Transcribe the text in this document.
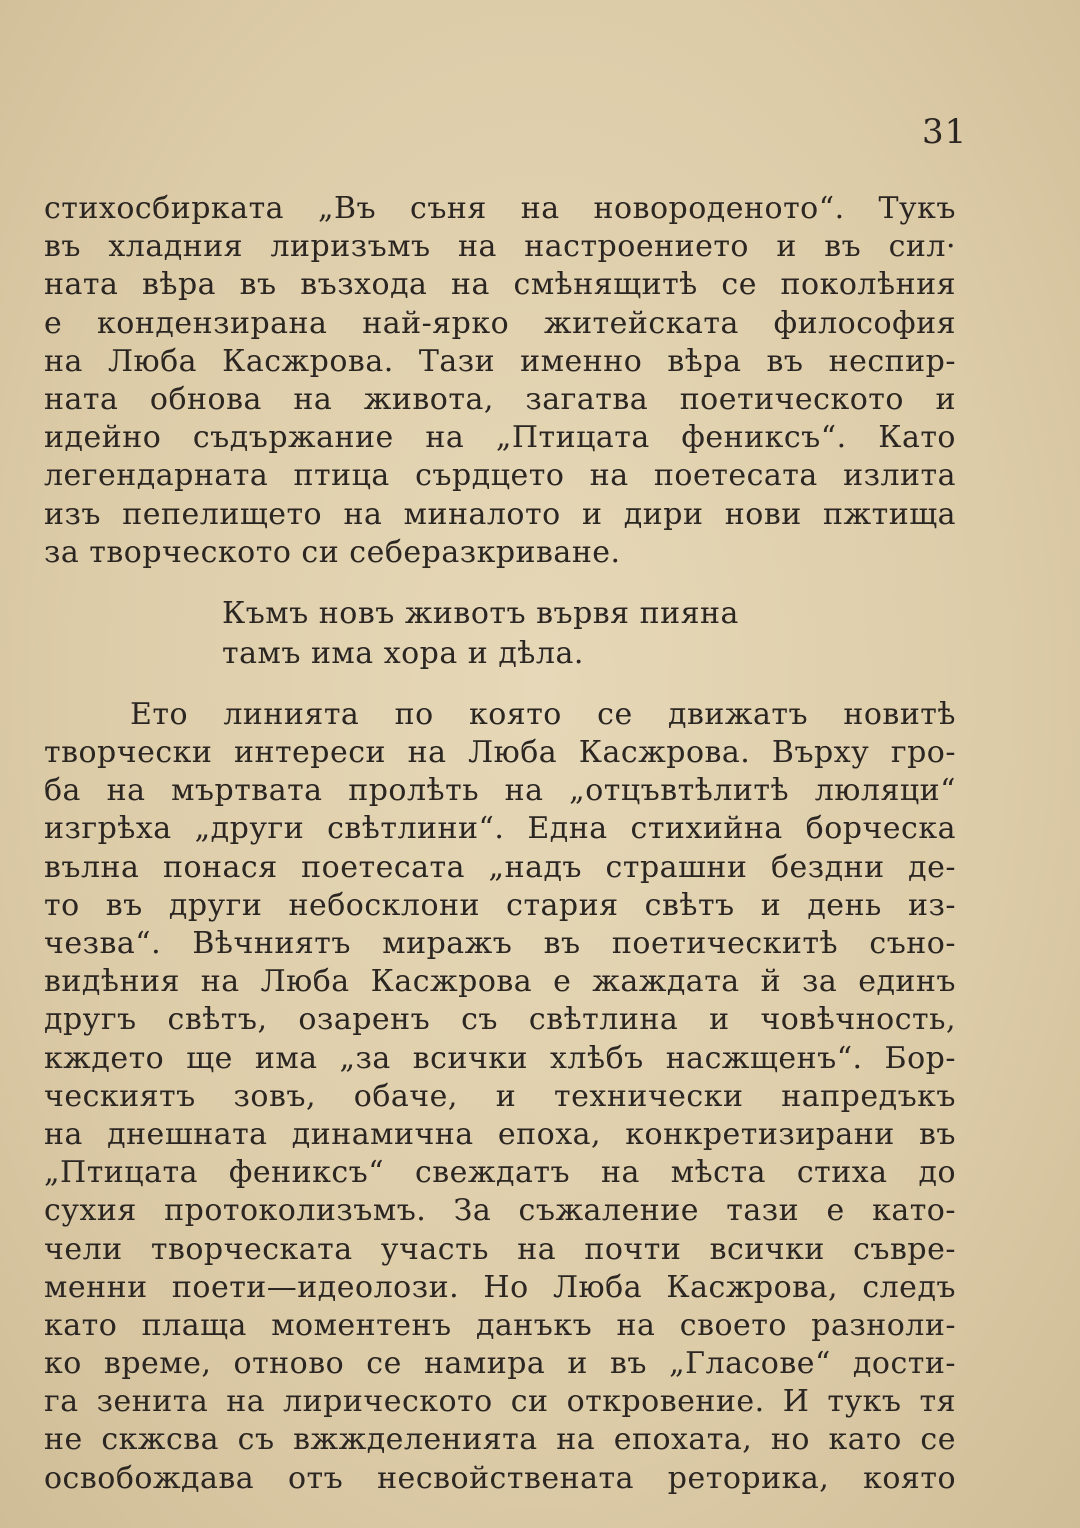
31
стихосбирката „Въ съня на новороденото“. Тукъ
въ хладния лиризъмъ на настроението и въ сил·
ната вѣра въ възхода на смѣнящитѣ се поколѣния
е кондензирана най-ярко житейската философия
на Люба Касжрова. Тази именно вѣра въ неспир-
ната обнова на живота, загатва поетическото и
идейно съдържание на „Птицата фениксъ“. Като
легендарната птица сърдцето на поетесата излита
изъ пепелището на миналото и дири нови пжтища
за творческото си себеразкриване.
Къмъ новъ животъ вървя пияна
тамъ има хора и дѣла.
Ето линията по която се движатъ новитѣ
творчески интереси на Люба Касжрова. Върху гро-
ба на мъртвата пролѣть на „отцъвтѣлитѣ люляци“
изгрѣха „други свѣтлини“. Една стихийна борческа
вълна понася поетесата „надъ страшни бездни де-
то въ други небосклони стария свѣтъ и день из-
чезва“. Вѣчниятъ миражъ въ поетическитѣ съно-
видѣния на Люба Касжрова е жаждата й за единъ
другъ свѣтъ, озаренъ съ свѣтлина и човѣчность,
кждето ще има „за всички хлѣбъ насжщенъ“. Бор-
ческиятъ зовъ, обаче, и технически напредъкъ
на днешната динамична епоха, конкретизирани въ
„Птицата фениксъ“ свеждатъ на мѣста стиха до
сухия протоколизъмъ. За съжаление тази е като-
чели творческата участь на почти всички съвре-
менни поети—идеолози. Но Люба Касжрова, следъ
като плаща моментенъ данъкъ на своето разноли-
ко време, отново се намира и въ „Гласове“ дости-
га зенита на лирическото си откровение. И тукъ тя
не скжсва съ вжжделенията на епохата, но като се
освобождава отъ несвойствената реторика, която
